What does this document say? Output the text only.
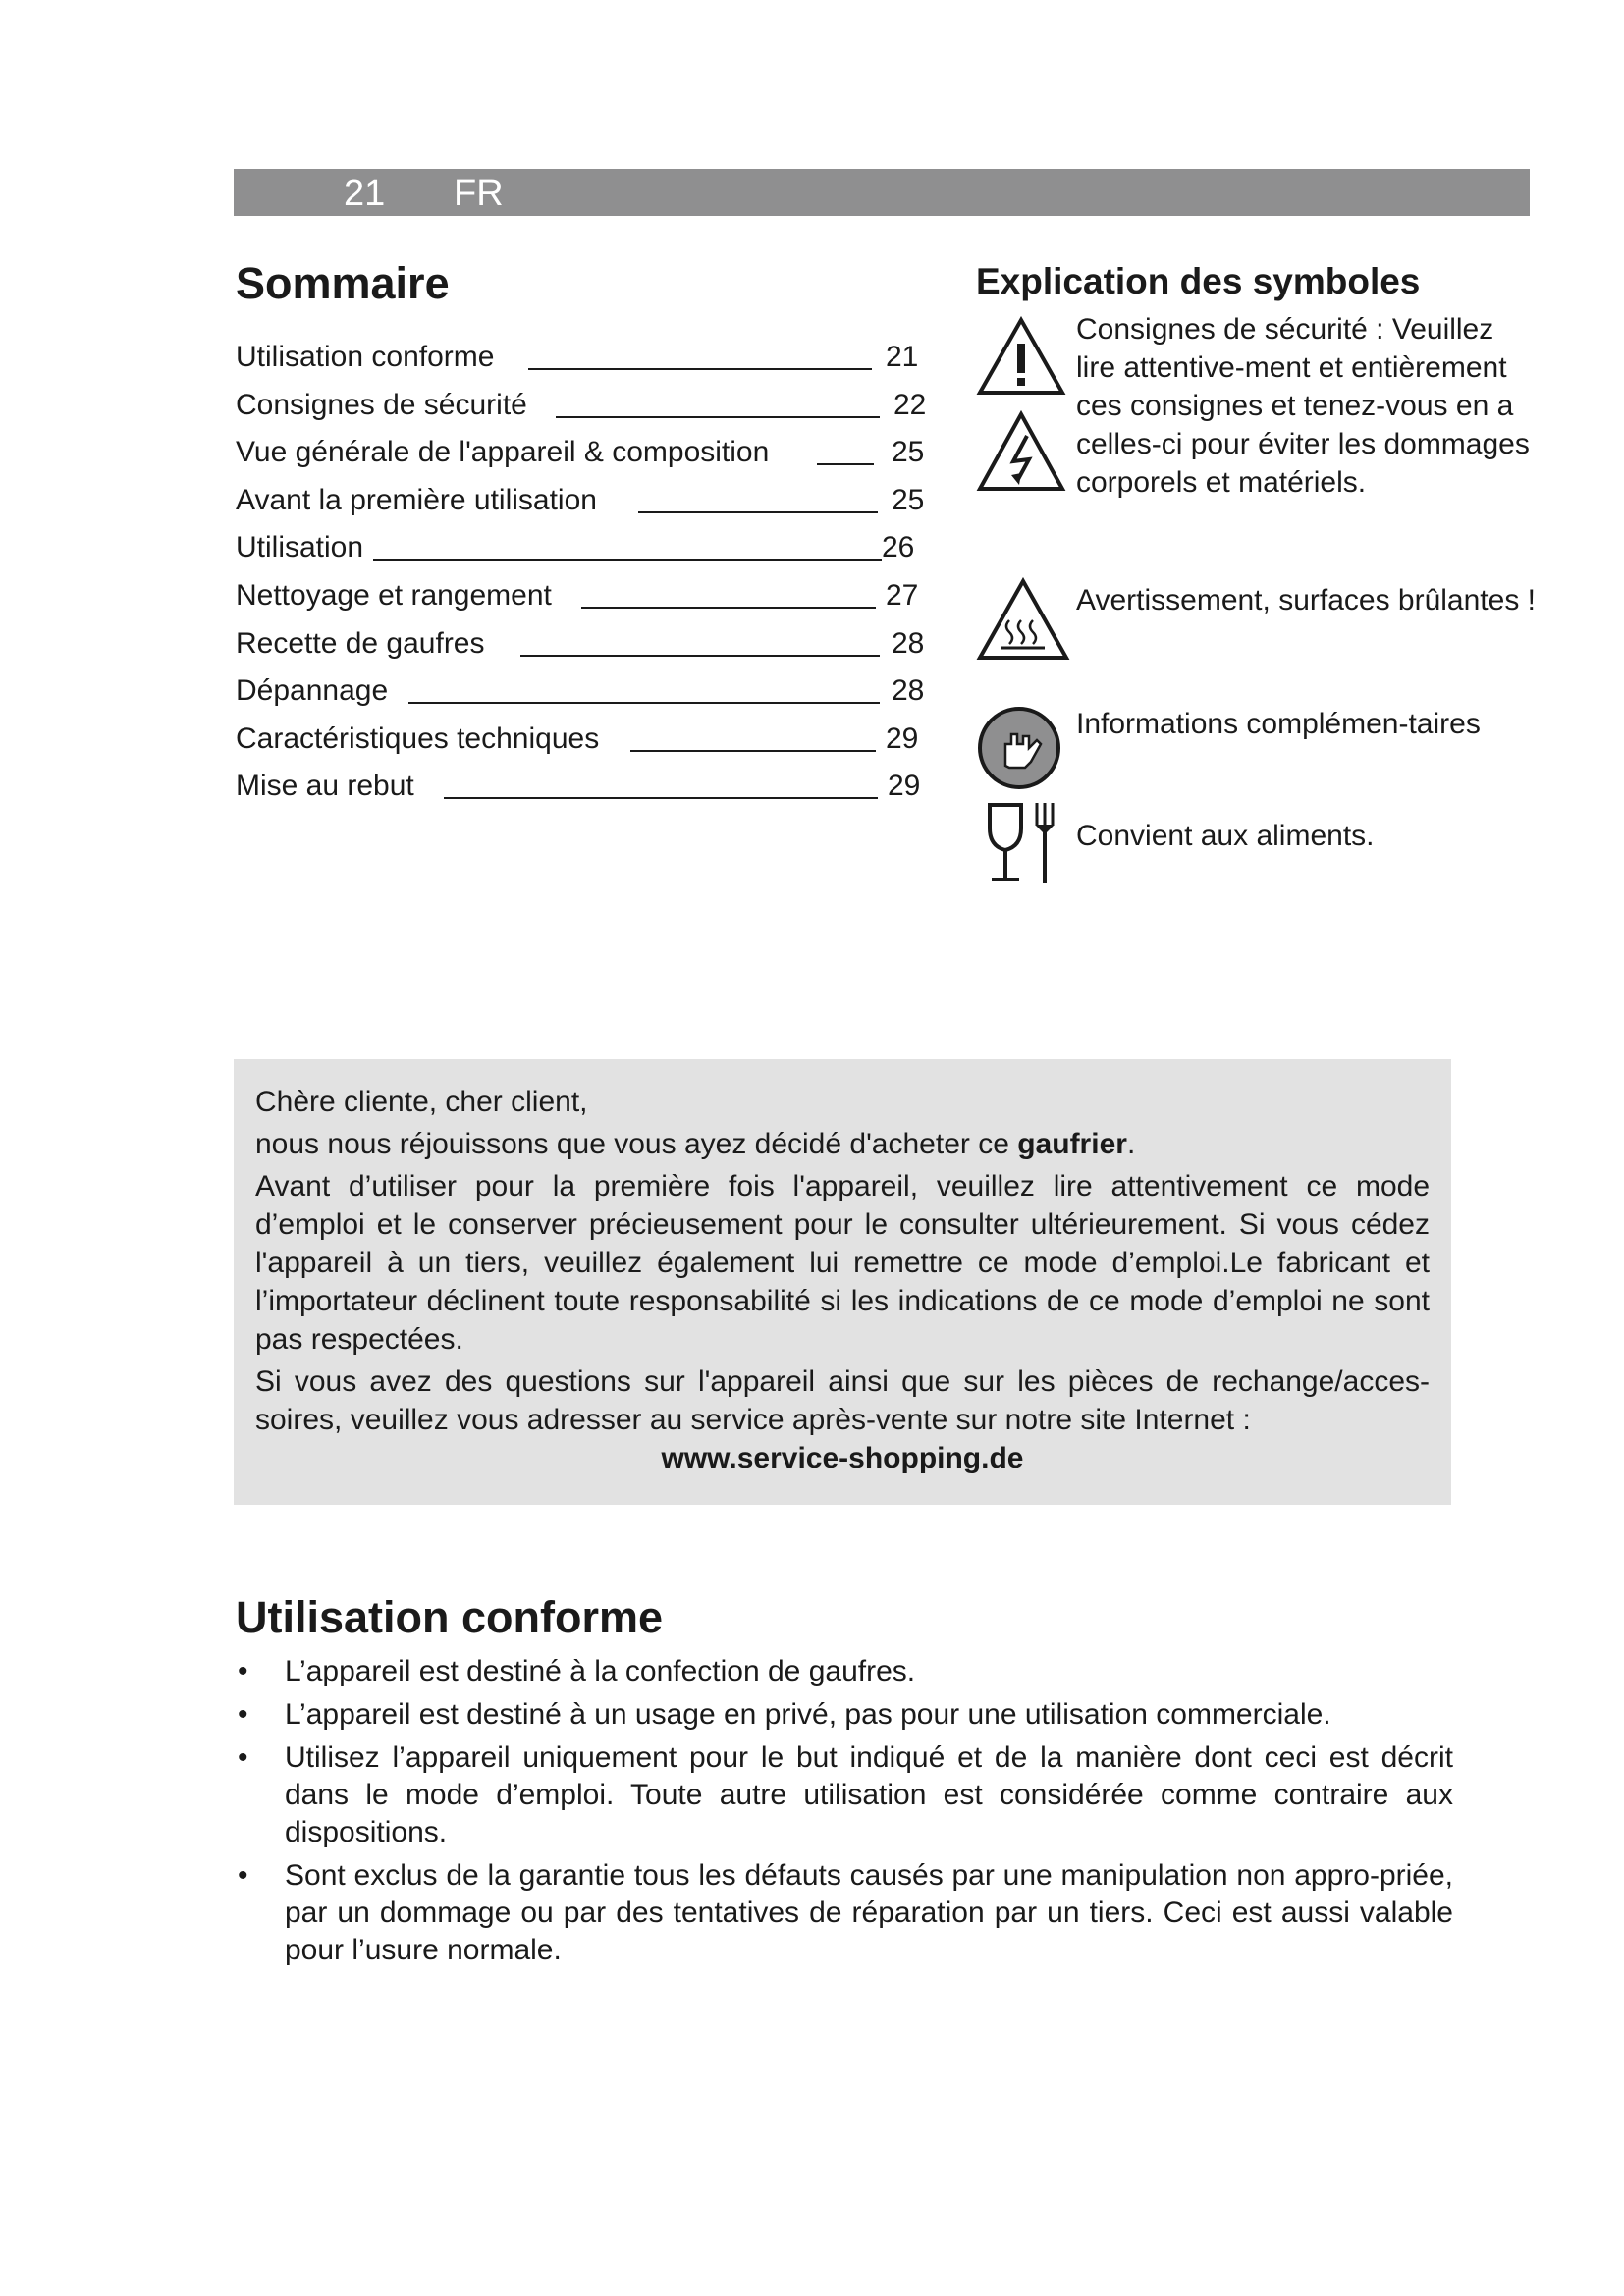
21 FR
Sommaire
Utilisation conforme	21
Consignes de sécurité	22
Vue générale de l'appareil & composition	25
Avant la première utilisation	25
Utilisation	26
Nettoyage et rangement	27
Recette de gaufres	28
Dépannage	28
Caractéristiques techniques	29
Mise au rebut	29
Explication des symboles
Consignes de sécurité : Veuillez lire attentive-ment et entièrement ces consignes et tenez-vous en a celles-ci pour éviter les dommages corporels et matériels.
Avertissement, surfaces brûlantes !
Informations complémen-taires
Convient aux aliments.

Chère cliente, cher client,

nous nous réjouissons que vous ayez décidé d'acheter ce gaufrier.

Avant d’utiliser pour la première fois l'appareil, veuillez lire attentivement ce mode d’emploi et le conserver précieusement pour le consulter ultérieurement. Si vous cédez l'appareil à un tiers, veuillez également lui remettre ce mode d’emploi.Le fabricant et l’importateur déclinent toute responsabilité si les indications de ce mode d’emploi ne sont pas respectées.

Si vous avez des questions sur l'appareil ainsi que sur les pièces de rechange/acces-soires, veuillez vous adresser au service après-vente sur notre site Internet :

www.service-shopping.de

Utilisation conforme
• L’appareil est destiné à la confection de gaufres.
• L’appareil est destiné à un usage en privé, pas pour une utilisation commerciale.
• Utilisez l’appareil uniquement pour le but indiqué et de la manière dont ceci est décrit dans le mode d’emploi. Toute autre utilisation est considérée comme contraire aux dispositions.
• Sont exclus de la garantie tous les défauts causés par une manipulation non appro-priée, par un dommage ou par des tentatives de réparation par un tiers. Ceci est aussi valable pour l’usure normale.
